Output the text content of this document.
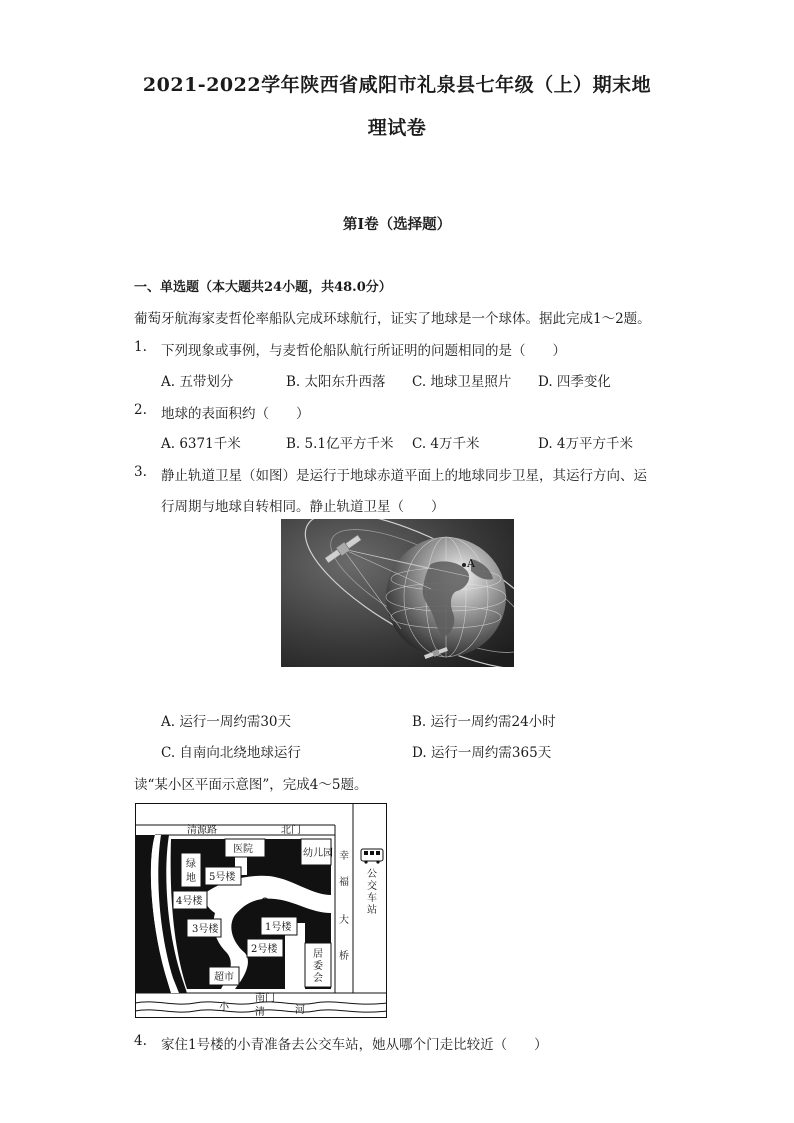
2021-2022学年陕西省咸阳市礼泉县七年级（上）期末地
理试卷
第I卷（选择题）
一、单选题（本大题共24小题，共48.0分）
葡萄牙航海家麦哲伦率船队完成环球航行，证实了地球是一个球体。据此完成1～2题。
1. 下列现象或事例，与麦哲伦船队航行所证明的问题相同的是（　　）
A. 五带划分	B. 太阳东升西落 C. 地球卫星照片 D. 四季变化
2. 地球的表面积约（　　）
A. 6371千米	B. 5.1亿平方千米 C. 4万千米	D. 4万平方千米
3. 静止轨道卫星（如图）是运行于地球赤道平面上的地球同步卫星，其运行方向、运
行周期与地球自转相同。静止轨道卫星（　　）
A
A. 运行一周约需30天	B. 运行一周约需24小时
C. 自南向北绕地球运行	D. 运行一周约需365天
读“某小区平面示意图”，完成4～5题。
清源路	北门
医院	幼儿园
绿
地 5号楼
4号楼
3号楼	1号楼
2号楼
中心喷泉
东门
居
委
会
超市
南门
幸
福
大
桥
公
交
车
站
小	清	河
4. 家住1号楼的小青准备去公交车站，她从哪个门走比较近（　　）
